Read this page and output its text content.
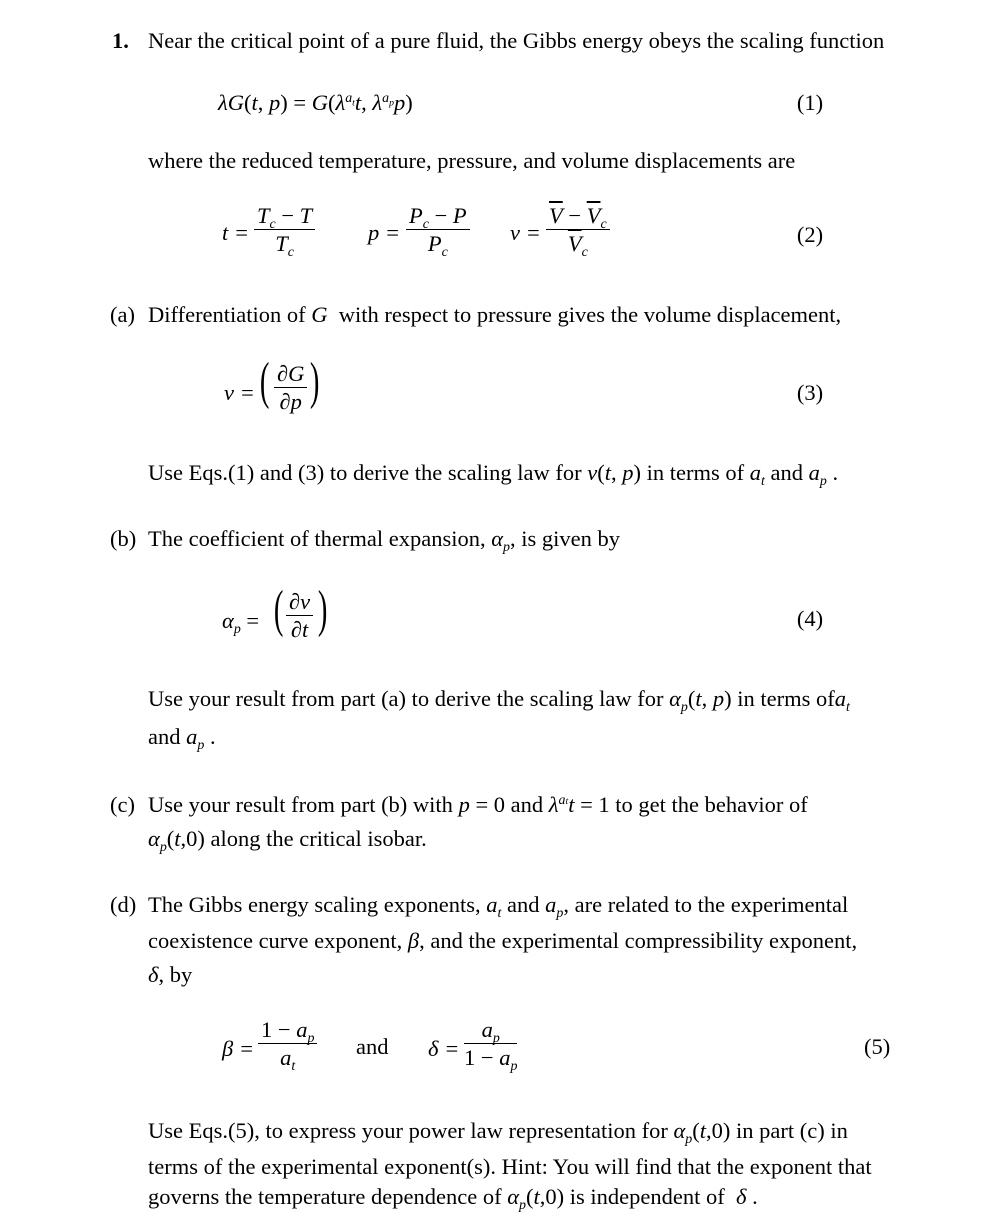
1. Near the critical point of a pure fluid, the Gibbs energy obeys the scaling function
λG(t, $p) = G(\lambda^{a_t}t$, $\lambda^{a_p}p$)	(1)
where the reduced temperature, pressure, and volume displacements are
$t = \frac{T_c - T}{T_c}$ $p = \frac{P_c - P}{P_c}$ $v = \frac{\overline{V} - \overline{V}_c}{\overline{V}_c}$	(2)
(a) Differentiation of G with respect to pressure gives the volume displacement,
v = ( $\frac{\partial G}{\partial p}$ )	(3)
Use Eqs.(1) and (3) to derive the scaling law for v(t, p) in terms of $a_t$ and $a_p$ .
(b) The coefficient of thermal expansion, $\alpha_p$, is given by
$\alpha_p$ = ( $\frac{\partial v}{\partial t}$ )	(4)
Use your result from part (a) to derive the scaling law for $\alpha_p(t$, p) in terms ofa$_t$
and $a_p$ .
(c) Use your result from part (b) with p = 0 and $\lambda^{at}t = 1$ to get the behavior of
$\alpha_p(t,0)$ along the critical isobar.
(d) The Gibbs energy scaling exponents, $a_t$ and $a_p$, are related to the experimental
coexistence curve exponent, β, and the experimental compressibility exponent,
δ, by
$\beta = \frac{1 - a_p}{a_t}$ and $\delta = \frac{a_p}{1 - a_p}$	(5)
Use Eqs.(5), to express your power law representation for $\alpha_p(t,0)$ in part (c) in
terms of the experimental exponent(s). Hint: You will find that the exponent that
governs the temperature dependence of $\alpha_p(t,0)$ is independent of δ .
